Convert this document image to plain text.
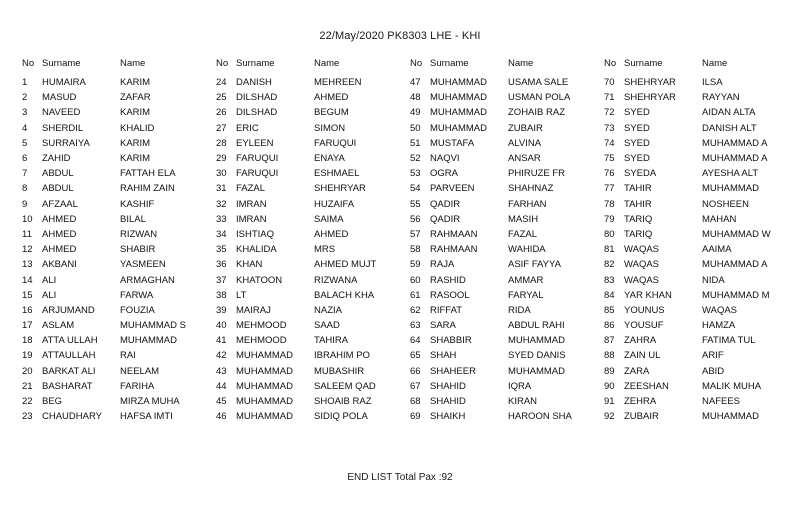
22/May/2020 PK8303 LHE - KHI
No	Surname	Name
1	HUMAIRA	KARIM
2	MASUD	ZAFAR
3	NAVEED	KARIM
4	SHERDIL	KHALID
5	SURRAIYA	KARIM
6	ZAHID	KARIM
7	ABDUL	FATTAH ELA
8	ABDUL	RAHIM ZAIN
9	AFZAAL	KASHIF
10	AHMED	BILAL
11	AHMED	RIZWAN
12	AHMED	SHABIR
13	AKBANI	YASMEEN
14	ALI	ARMAGHAN
15	ALI	FARWA
16	ARJUMAND	FOUZIA
17	ASLAM	MUHAMMAD S
18	ATTA ULLAH	MUHAMMAD
19	ATTAULLAH	RAI
20	BARKAT ALI	NEELAM
21	BASHARAT	FARIHA
22	BEG	MIRZA MUHA
23	CHAUDHARY	HAFSA IMTI
No	Surname	Name
24	DANISH	MEHREEN
25	DILSHAD	AHMED
26	DILSHAD	BEGUM
27	ERIC	SIMON
28	EYLEEN	FARUQUI
29	FARUQUI	ENAYA
30	FARUQUI	ESHMAEL
31	FAZAL	SHEHRYAR
32	IMRAN	HUZAIFA
33	IMRAN	SAIMA
34	ISHTIAQ	AHMED
35	KHALIDA	MRS
36	KHAN	AHMED MUJT
37	KHATOON	RIZWANA
38	LT	BALACH KHA
39	MAIRAJ	NAZIA
40	MEHMOOD	SAAD
41	MEHMOOD	TAHIRA
42	MUHAMMAD	IBRAHIM PO
43	MUHAMMAD	MUBASHIR
44	MUHAMMAD	SALEEM QAD
45	MUHAMMAD	SHOAIB RAZ
46	MUHAMMAD	SIDIQ POLA
No	Surname	Name
47	MUHAMMAD	USAMA SALE
48	MUHAMMAD	USMAN POLA
49	MUHAMMAD	ZOHAIB RAZ
50	MUHAMMAD	ZUBAIR
51	MUSTAFA	ALVINA
52	NAQVI	ANSAR
53	OGRA	PHIRUZE FR
54	PARVEEN	SHAHNAZ
55	QADIR	FARHAN
56	QADIR	MASIH
57	RAHMAAN	FAZAL
58	RAHMAAN	WAHIDA
59	RAJA	ASIF FAYYA
60	RASHID	AMMAR
61	RASOOL	FARYAL
62	RIFFAT	RIDA
63	SARA	ABDUL RAHI
64	SHABBIR	MUHAMMAD
65	SHAH	SYED DANIS
66	SHAHEER	MUHAMMAD
67	SHAHID	IQRA
68	SHAHID	KIRAN
69	SHAIKH	HAROON SHA
No	Surname	Name
70	SHEHRYAR	ILSA
71	SHEHRYAR	RAYYAN
72	SYED	AIDAN ALTA
73	SYED	DANISH ALT
74	SYED	MUHAMMAD A
75	SYED	MUHAMMAD A
76	SYEDA	AYESHA ALT
77	TAHIR	MUHAMMAD
78	TAHIR	NOSHEEN
79	TARIQ	MAHAN
80	TARIQ	MUHAMMAD W
81	WAQAS	AAIMA
82	WAQAS	MUHAMMAD A
83	WAQAS	NIDA
84	YAR KHAN	MUHAMMAD M
85	YOUNUS	WAQAS
86	YOUSUF	HAMZA
87	ZAHRA	FATIMA TUL
88	ZAIN UL	ARIF
89	ZARA	ABID
90	ZEESHAN	MALIK MUHA
91	ZEHRA	NAFEES
92	ZUBAIR	MUHAMMAD
END LIST Total Pax :92
